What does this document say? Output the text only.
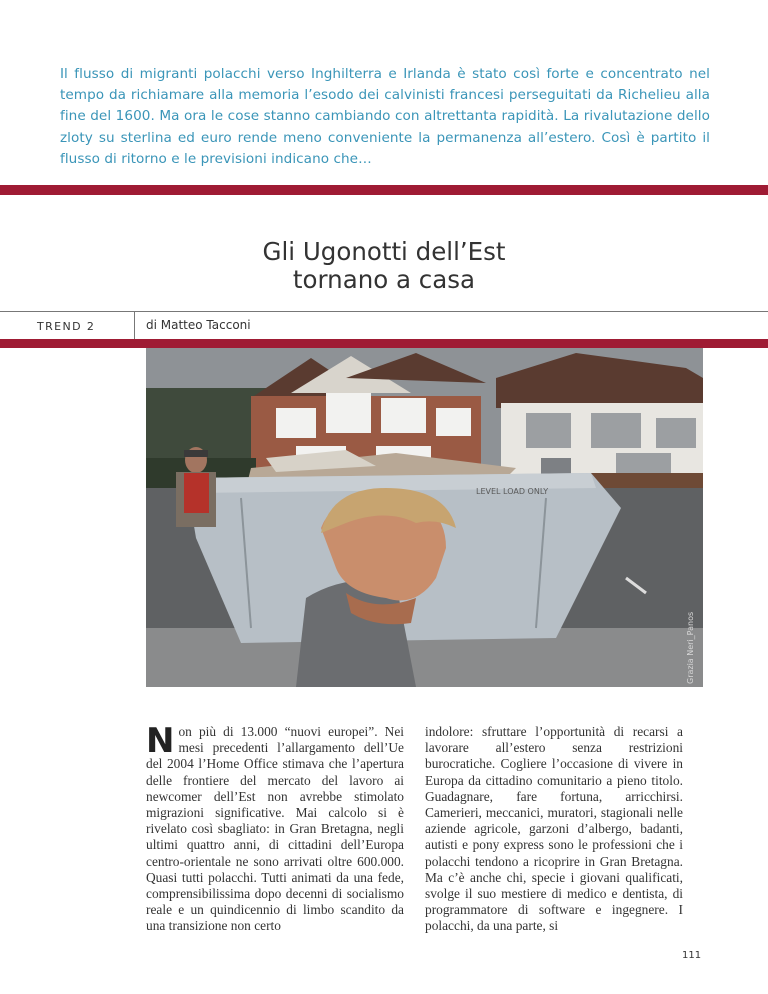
Il flusso di migranti polacchi verso Inghilterra e Irlanda è stato così forte e concentrato nel tempo da richiamare alla memoria l’esodo dei calvinisti francesi perseguitati da Richelieu alla fine del 1600. Ma ora le cose stanno cambiando con altrettanta rapidità. La rivalutazione dello zloty su sterlina ed euro rende meno conveniente la permanenza all’estero. Così è partito il flusso di ritorno e le previsioni indicano che…

Gli Ugonotti dell’Est
tornano a casa
TREND 2	di Matteo Tacconi
LEVEL LOAD ONLY
Grazia Neri_Panos
Non più di 13.000 “nuovi europei”. Nei mesi precedenti l’allargamento dell’Ue del 2004 l’Home Office stimava che l’apertura delle frontiere del mercato del lavoro ai newcomer dell’Est non avrebbe stimolato migrazioni significative. Mai calcolo si è rivelato così sbagliato: in Gran Bretagna, negli ultimi quattro anni, di cittadini dell’Europa centro-orientale ne sono arrivati oltre 600.000. Quasi tutti polacchi. Tutti animati da una fede, comprensibilissima dopo decenni di socialismo reale e un quindicennio di limbo scandito da una transizione non certo
indolore: sfruttare l’opportunità di recarsi a lavorare all’estero senza restrizioni burocratiche. Cogliere l’occasione di vivere in Europa da cittadino comunitario a pieno titolo. Guadagnare, fare fortuna, arricchirsi. Camerieri, meccanici, muratori, stagionali nelle aziende agricole, garzoni d’albergo, badanti, autisti e pony express sono le professioni che i polacchi tendono a ricoprire in Gran Bretagna. Ma c’è anche chi, specie i giovani qualificati, svolge il suo mestiere di medico e dentista, di programmatore di software e ingegnere. I polacchi, da una parte, si
111
